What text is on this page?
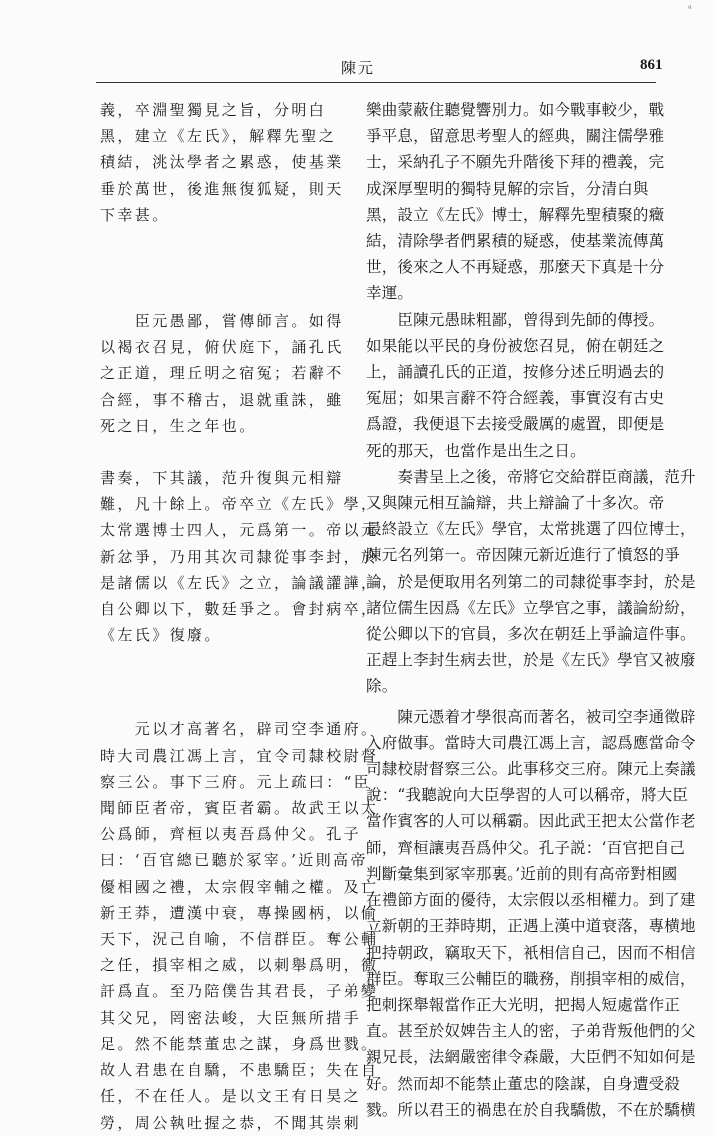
ᵃ
陳元	861

義，卒淵聖獨見之旨，分明白
黑，建立《左氏》，解釋先聖之
積結，洮汰學者之累惑，使基業
垂於萬世，後進無復狐疑，則天
下幸甚。

　　臣元愚鄙，嘗傳師言。如得
以褐衣召見，俯伏庭下，誦孔氏
之正道，理丘明之宿冤；若辭不
合經，事不稽古，退就重誅，雖
死之日，生之年也。

書奏，下其議，范升復與元相辯
難，凡十餘上。帝卒立《左氏》學，
太常選博士四人，元爲第一。帝以元
新忿爭，乃用其次司隸從事李封，於
是諸儒以《左氏》之立，論議讙譁，
自公卿以下，數廷爭之。會封病卒，
《左氏》復廢。

　　元以才高著名，辟司空李通府。
時大司農江馮上言，宜令司隸校尉督
察三公。事下三府。元上疏曰：“臣
聞師臣者帝，賓臣者霸。故武王以太
公爲師，齊桓以夷吾爲仲父。孔子
曰：‘百官總已聽於冢宰。’近則高帝
優相國之禮，太宗假宰輔之權。及亡
新王莽，遭漢中衰，專操國柄，以偷
天下，況己自喻，不信群臣。奪公輔
之任，損宰相之威，以刺舉爲明，徼
訐爲直。至乃陪僕告其君長，子弟變
其父兄，罔密法峻，大臣無所措手
足。然不能禁董忠之謀，身爲世戮。
故人君患在自驕，不患驕臣；失在自
任，不在任人。是以文王有日昊之
勞，周公執吐握之恭，不聞其崇刺

樂曲蒙蔽住聽覺響別力。如今戰事較少，戰
爭平息，留意思考聖人的經典，關注儒學雅
士，采納孔子不願先升階後下拜的禮義，完
成深厚聖明的獨特見解的宗旨，分清白與
黑，設立《左氏》博士，解釋先聖積聚的癥
結，清除學者們累積的疑惑，使基業流傳萬
世，後來之人不再疑惑，那麼天下真是十分
幸運。

　　臣陳元愚昧粗鄙，曾得到先師的傳授。
如果能以平民的身份被您召見，俯在朝廷之
上，誦讀孔氏的正道，按修分述丘明過去的
冤屈；如果言辭不符合經義，事實沒有古史
爲證，我便退下去接受嚴厲的處置，即便是
死的那天，也當作是出生之日。

　　奏書呈上之後，帝將它交給群臣商議，范升
又與陳元相互論辯，共上辯論了十多次。帝
最終設立《左氏》學官，太常挑選了四位博士，
陳元名列第一。帝因陳元新近進行了憤怒的爭
論，於是便取用名列第二的司隸從事李封，於是
諸位儒生因爲《左氏》立學官之事，議論紛紛，
從公卿以下的官員，多次在朝廷上爭論這件事。
正趕上李封生病去世，於是《左氏》學官又被廢
除。

　　陳元憑着才學很高而著名，被司空李通徵辟
入府做事。當時大司農江馮上言，認爲應當命令
司隸校尉督察三公。此事移交三府。陳元上奏議
說：“我聽說向大臣學習的人可以稱帝，將大臣
當作賓客的人可以稱霸。因此武王把太公當作老
師，齊桓讓夷吾爲仲父。孔子説：‘百官把自己
判斷彙集到冢宰那裏。’近前的則有高帝對相國
在禮節方面的優待，太宗假以丞相權力。到了建
立新朝的王莽時期，正遇上漢中道衰落，專横地
把持朝政，竊取天下，衹相信自己，因而不相信
群臣。奪取三公輔臣的職務，削損宰相的威信，
把刺探舉報當作正大光明，把揭人短處當作正
直。甚至於奴婢告主人的密，子弟背叛他們的父
親兄長，法網嚴密律令森嚴，大臣們不知如何是
好。然而却不能禁止董忠的陰謀，自身遭受殺
戮。所以君王的禍患在於自我驕傲，不在於驕横
